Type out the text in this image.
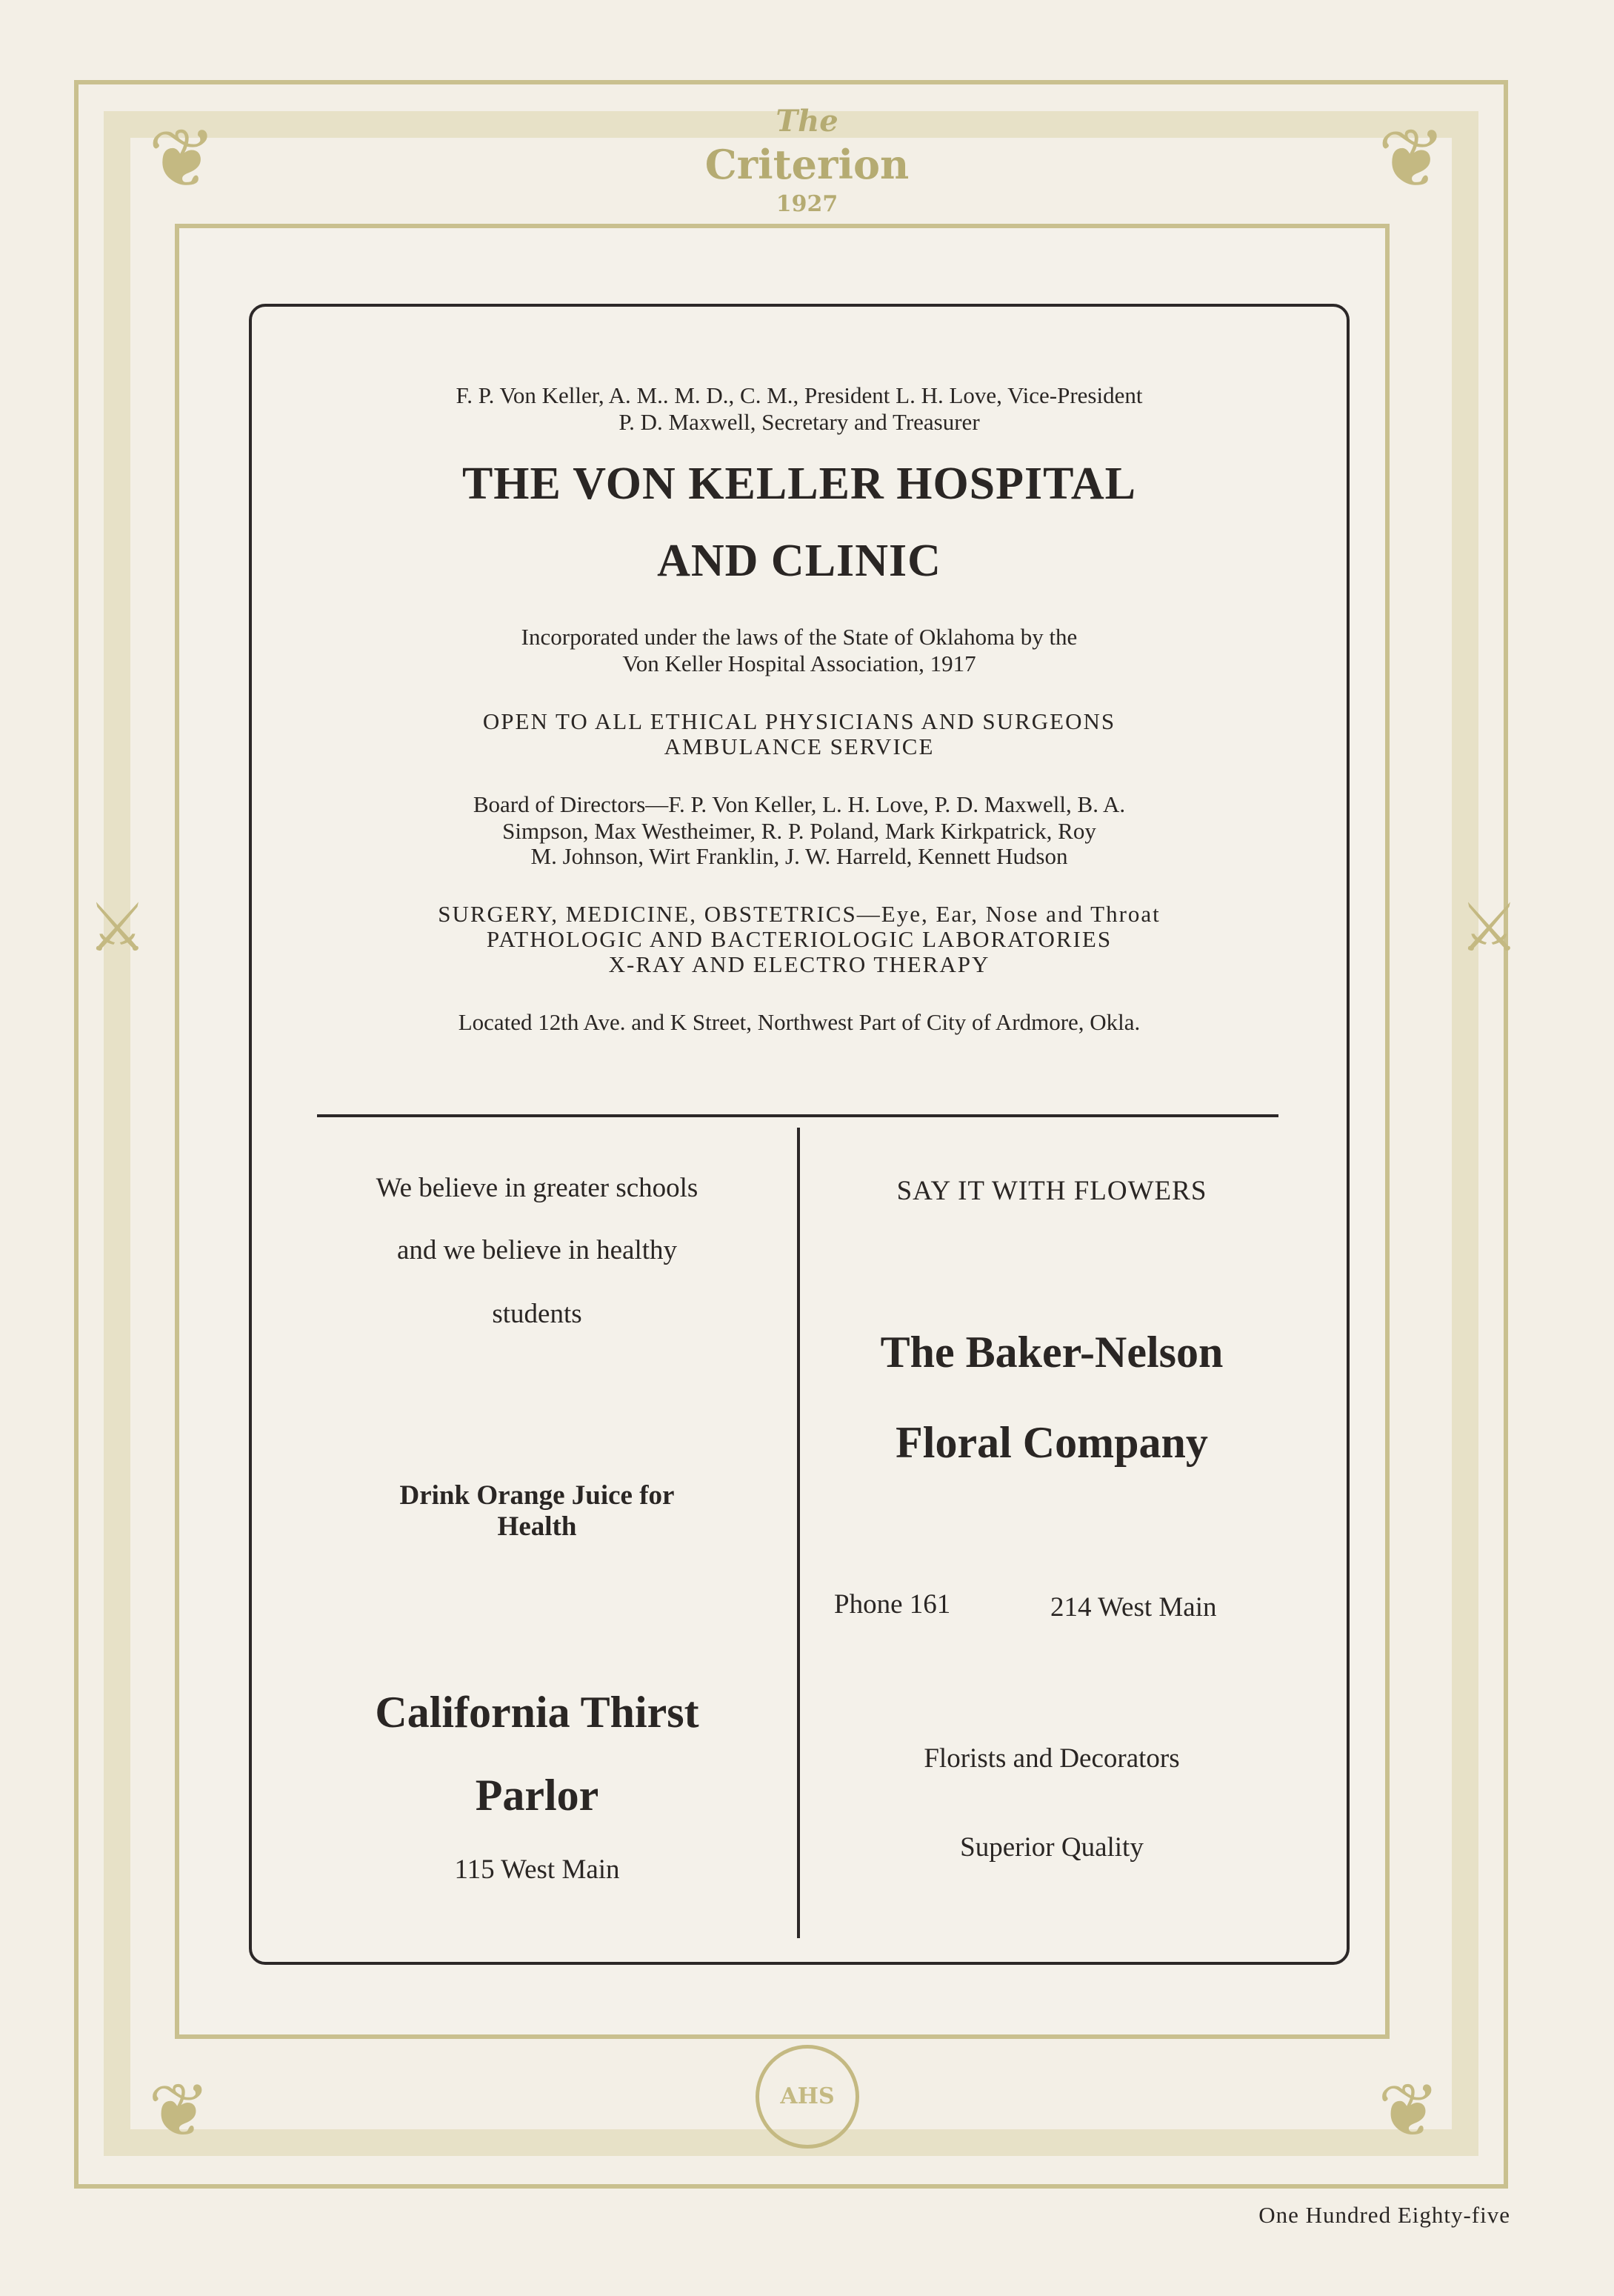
❦	❦
⚔	⚔
❦	❦
AHS
The
Criterion
1927
F. P. Von Keller, A. M.. M. D., C. M., President L. H. Love, Vice-President
P. D. Maxwell, Secretary and Treasurer
THE VON KELLER HOSPITAL
AND CLINIC
Incorporated under the laws of the State of Oklahoma by the
Von Keller Hospital Association, 1917
OPEN TO ALL ETHICAL PHYSICIANS AND SURGEONS
AMBULANCE SERVICE
Board of Directors—F. P. Von Keller, L. H. Love, P. D. Maxwell, B. A.
Simpson, Max Westheimer, R. P. Poland, Mark Kirkpatrick, Roy
M. Johnson, Wirt Franklin, J. W. Harreld, Kennett Hudson
SURGERY, MEDICINE, OBSTETRICS—Eye, Ear, Nose and Throat
PATHOLOGIC AND BACTERIOLOGIC LABORATORIES
X-RAY AND ELECTRO THERAPY
Located 12th Ave. and K Street, Northwest Part of City of Ardmore, Okla.
We believe in greater schools
and we believe in healthy
students
Drink Orange Juice for
Health
California Thirst
Parlor
115 West Main
SAY IT WITH FLOWERS
The Baker-Nelson
Floral Company
Phone 161	214 West Main
Florists and Decorators
Superior Quality
One Hundred Eighty-five
